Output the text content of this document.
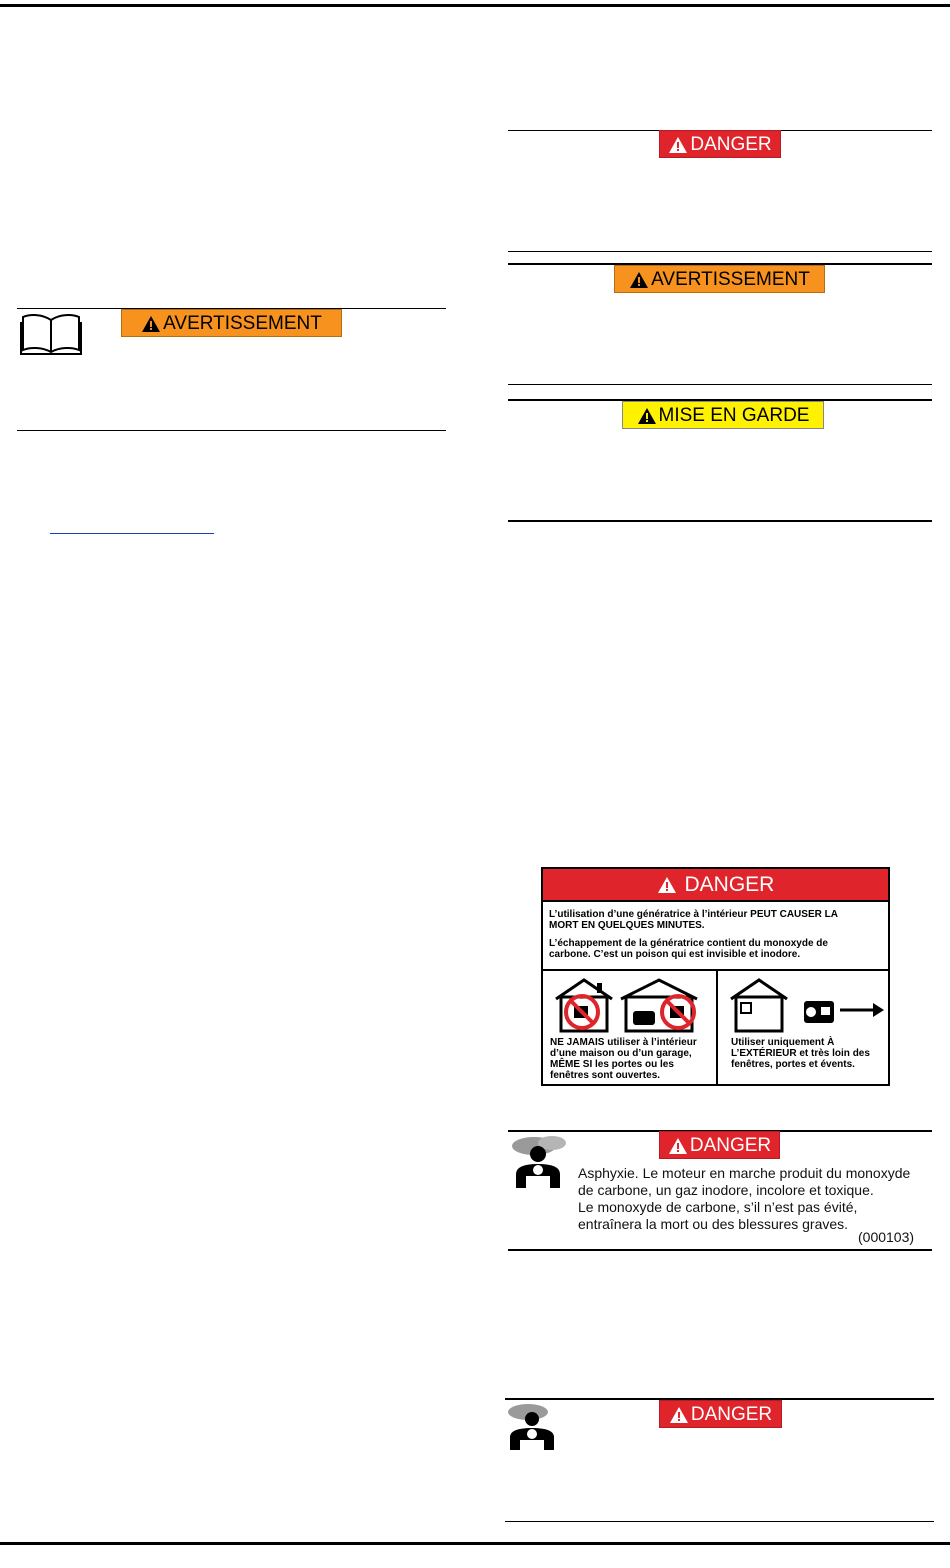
AVERTISSEMENT
DANGER
AVERTISSEMENT
MISE EN GARDE
DANGER
L’utilisation d’une génératrice à l’intérieur PEUT CAUSER LA MORT EN QUELQUES MINUTES.
L’échappement de la génératrice contient du monoxyde de carbone. C’est un poison qui est invisible et inodore.
NE JAMAIS utiliser à l’intérieur d’une maison ou d’un garage, MÊME SI les portes ou les fenêtres sont ouvertes.
Utiliser uniquement À L’EXTÉRIEUR et très loin des fenêtres, portes et évents.
DANGER
Asphyxie. Le moteur en marche produit du monoxyde
de carbone, un gaz inodore, incolore et toxique.
Le monoxyde de carbone, s’il n’est pas évité,
entraînera la mort ou des blessures graves.
(000103)
DANGER
